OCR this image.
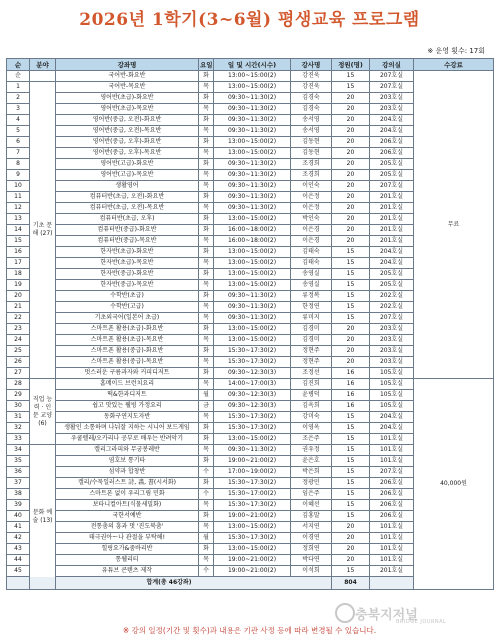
2026년 1학기(3~6월) 평생교육 프로그램
※ 운영 횟수: 17회
순	분야	강좌명	요일	일 및 시간(시수)	강사명	정원(명)	강의실	수강료	
순		국어반-화요반	화	13:00~15:00(2)	강진욱	15	207호실	무료	
1	기초 문해 (27)	국어반-목요반	목	13:00~15:00(2)	강진욱	15	207호실		
2		영어반(초급)-화요반	화	09:30~11:30(2)	김경숙	20	203호실		
3		영어반(초급)-목요반	목	09:30~11:30(2)	김경숙	20	203호실		
4		영어반(중급, 오전)-화요반	화	09:30~11:30(2)	송서영	20	204호실		
5		영어반(중급, 오전)-목요반	목	09:30~11:30(2)	송서영	20	204호실		
6		영어반(중급, 오후)-화요반	화	13:00~15:00(2)	김동현	20	206호실		
7		영어반(중급, 오후)-목요반	목	13:00~15:00(2)	김동현	20	206호실		
8		영어반(고급)-화요반	화	09:30~11:30(2)	조경희	20	205호실		
9		영어반(고급)-목요반	목	09:30~11:30(2)	조경희	20	205호실		
10		생활영어	목	09:30~11:30(2)	이인숙	20	207호실		
11		컴퓨터반(초급, 오전)-화요반	화	09:30~11:30(2)	이은정	20	201호실		
12		컴퓨터반(초급, 오전)-목요반	목	09:30~11:30(2)	이은정	20	201호실		
13		컴퓨터반(초급, 오후)	화	13:00~15:00(2)	박인숙	20	201호실		
14		컴퓨터반(중급)-화요반	화	16:00~18:00(2)	이은경	20	201호실		
15		컴퓨터반(중급)-목요반	목	16:00~18:00(2)	이은경	20	201호실		
16		한자반(초급)-화요반	화	13:00~15:00(2)	김태숙	15	204호실		
17		한자반(초급)-목요반	목	13:00~15:00(2)	김태숙	15	204호실		
18		한자반(중급)-화요반	화	13:00~15:00(2)	송영실	15	205호실		
19		한자반(중급)-목요반	목	13:00~15:00(2)	송영실	15	205호실		
20		수학반(초급)	화	09:30~11:30(2)	류정복	15	202호실		
21		수학반(고급)	목	09:30~11:30(2)	한정연	15	202호실		
22		기초외국어(일본어 초급)	목	09:30~11:30(2)	류미지	15	207호실		
23		스마트폰 활용(초급)-화요반	화	13:00~15:00(2)	김경미	20	203호실		
24		스마트폰 활용(초급)-목요반	목	13:00~15:00(2)	김경미	20	203호실		
25		스마트폰 활용(중급)-화요반	화	15:30~17:30(2)	정현주	20	203호실		
26		스마트폰 활용(중급)-목요반	목	15:30~17:30(2)	정현주	20	203호실		
27		멋스러운 구름과자와 커피디저트	화	09:30~12:30(3)	조정선	16	105호실		
28	직업 능력 · 인문 교양 (6)	홈메이드 브런치요리	목	14:00~17:00(3)	김진희	16	105호실	40,000원	
29		떡&한과디저트	월	09:30~12:30(3)	윤병덕	16	105호실		
30		쉽고 맛있는 웰빙 가정요리	금	09:30~12:30(3)	김옥희	16	105호실		
31		동화구연지도자반	목	15:30~17:30(2)	강미숙	15	204호실		
32		생활인 소통하며 나눠잘 지하는 시니어 보드게임	화	15:30~17:30(2)	이영옥	15	204호실		
33		우쿨렐레/오카리나 공부로 배우는 반려악기	화	13:00~15:00(2)	조은주	15	101호실		
34	문화 예술 (13)	캘리그라피와 무궁봉레반	목	09:30~11:30(2)	권우정	15	101호실		
35		염호보 통기타	화	19:00~21:00(2)	윤은호	15	101호실		
36		섬약과 합창반	수	17:00~19:00(2)	박은희	15	207호실		
37		캘리/수묵일러스트 詩, 畵, 書(시서화)	화	15:30~17:30(2)	정광민	15	206호실		
38		스마트폰 없이 우리그림 민화	수	15:30~17:00(2)	임은주	15	206호실		
39		보타니컬아트(식물세밀화)	목	15:30~17:30(2)	이혜선	15	206호실		
40		국한서예반	화	19:00~21:00(2)	김홍말	15	206호실		
41		전통춤의 흥과 멋 '진도북춤'	목	13:00~15:00(2)	서지연	20	101호실		
42		태극권아ー나 관절을 부탁해!	월	15:30~17:30(2)	이경연	20	101호실		
43		힐링요가&줌바리반	화	13:00~15:00(2)	정희연	20	101호실		
44		통웰리티	목	19:00~21:00(2)	박다연	20	101호실		
45		유튜브 콘텐츠 제작	수	19:00~21:00(2)	이석희	15	201호실		
합계(총 46강좌)						804		
※ 강의 일정(기간 및 횟수)과 내용은 기관 사정 등에 따라 변경될 수 있습니다.
충북지저널
BRIDGE JOURNAL
